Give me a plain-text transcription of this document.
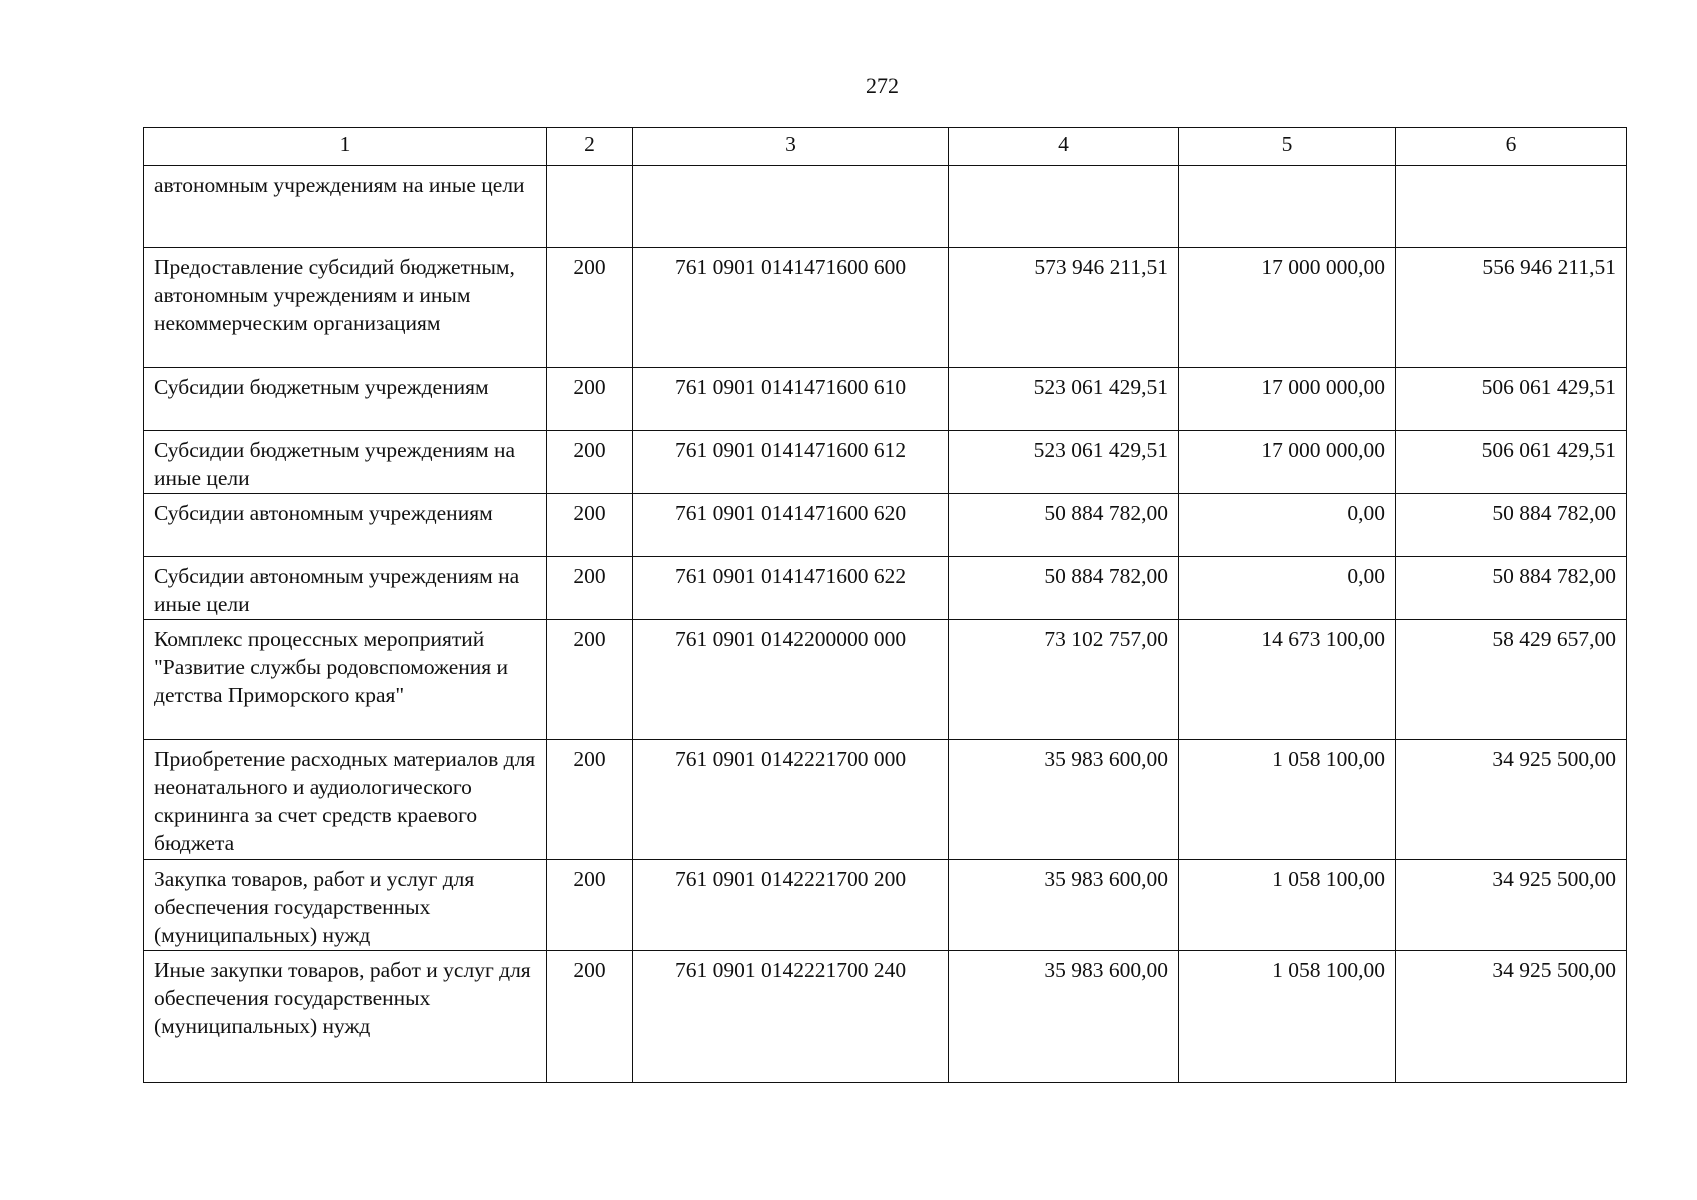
272
1	2	3	4	5	6
автономным учреждениям на иные цели					
Предоставление субсидий бюджетным, автономным учреждениям и иным некоммерческим организациям	200	761 0901 0141471600 600	573 946 211,51	17 000 000,00	556 946 211,51
Субсидии бюджетным учреждениям	200	761 0901 0141471600 610	523 061 429,51	17 000 000,00	506 061 429,51
Субсидии бюджетным учреждениям на иные цели	200	761 0901 0141471600 612	523 061 429,51	17 000 000,00	506 061 429,51
Субсидии автономным учреждениям	200	761 0901 0141471600 620	50 884 782,00	0,00	50 884 782,00
Субсидии автономным учреждениям на иные цели	200	761 0901 0141471600 622	50 884 782,00	0,00	50 884 782,00
Комплекс процессных мероприятий "Развитие службы родовспоможения и детства Приморского края"	200	761 0901 0142200000 000	73 102 757,00	14 673 100,00	58 429 657,00
Приобретение расходных материалов для неонатального и аудиологического скрининга за счет средств краевого бюджета	200	761 0901 0142221700 000	35 983 600,00	1 058 100,00	34 925 500,00
Закупка товаров, работ и услуг для обеспечения государственных (муниципальных) нужд	200	761 0901 0142221700 200	35 983 600,00	1 058 100,00	34 925 500,00
Иные закупки товаров, работ и услуг для обеспечения государственных (муниципальных) нужд	200	761 0901 0142221700 240	35 983 600,00	1 058 100,00	34 925 500,00
